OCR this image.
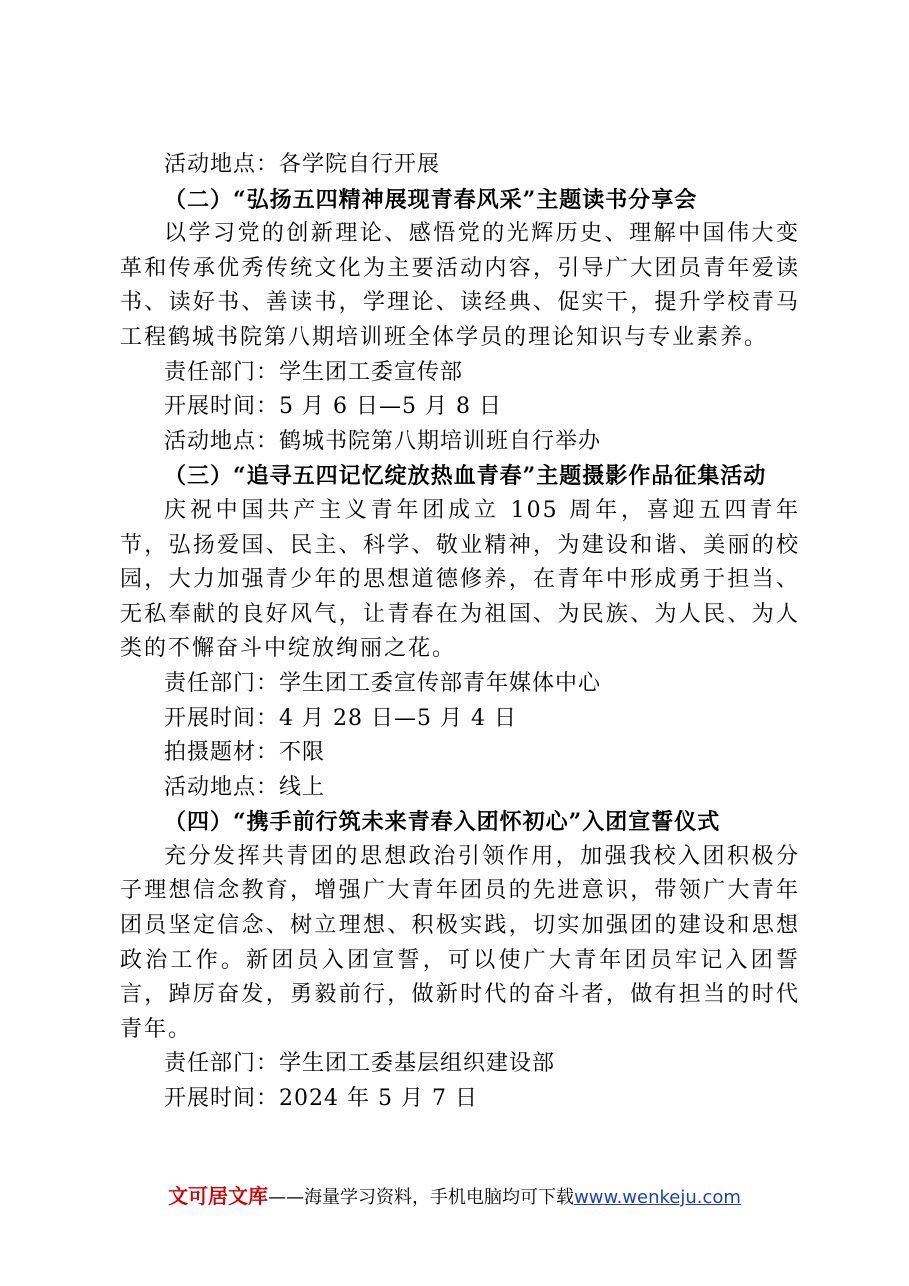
活动地点：各学院自行开展

（二）“弘扬五四精神展现青春风采”主题读书分享会

以学习党的创新理论、感悟党的光辉历史、理解中国伟大变革和传承优秀传统文化为主要活动内容，引导广大团员青年爱读书、读好书、善读书，学理论、读经典、促实干，提升学校青马工程鹤城书院第八期培训班全体学员的理论知识与专业素养。

责任部门：学生团工委宣传部
开展时间：5 月 6 日—5 月 8 日
活动地点：鹤城书院第八期培训班自行举办

（三）“追寻五四记忆绽放热血青春”主题摄影作品征集活动

庆祝中国共产主义青年团成立 105 周年，喜迎五四青年节，弘扬爱国、民主、科学、敬业精神，为建设和谐、美丽的校园，大力加强青少年的思想道德修养，在青年中形成勇于担当、无私奉献的良好风气，让青春在为祖国、为民族、为人民、为人类的不懈奋斗中绽放绚丽之花。

责任部门：学生团工委宣传部青年媒体中心
开展时间：4 月 28 日—5 月 4 日
拍摄题材：不限
活动地点：线上

（四）“携手前行筑未来青春入团怀初心”入团宣誓仪式

充分发挥共青团的思想政治引领作用，加强我校入团积极分子理想信念教育，增强广大青年团员的先进意识，带领广大青年团员坚定信念、树立理想、积极实践，切实加强团的建设和思想政治工作。新团员入团宣誓，可以使广大青年团员牢记入团誓言，踔厉奋发，勇毅前行，做新时代的奋斗者，做有担当的时代青年。

责任部门：学生团工委基层组织建设部
开展时间：2024 年 5 月 7 日
文可居文库——海量学习资料，手机电脑均可下载www.wenkeju.com
